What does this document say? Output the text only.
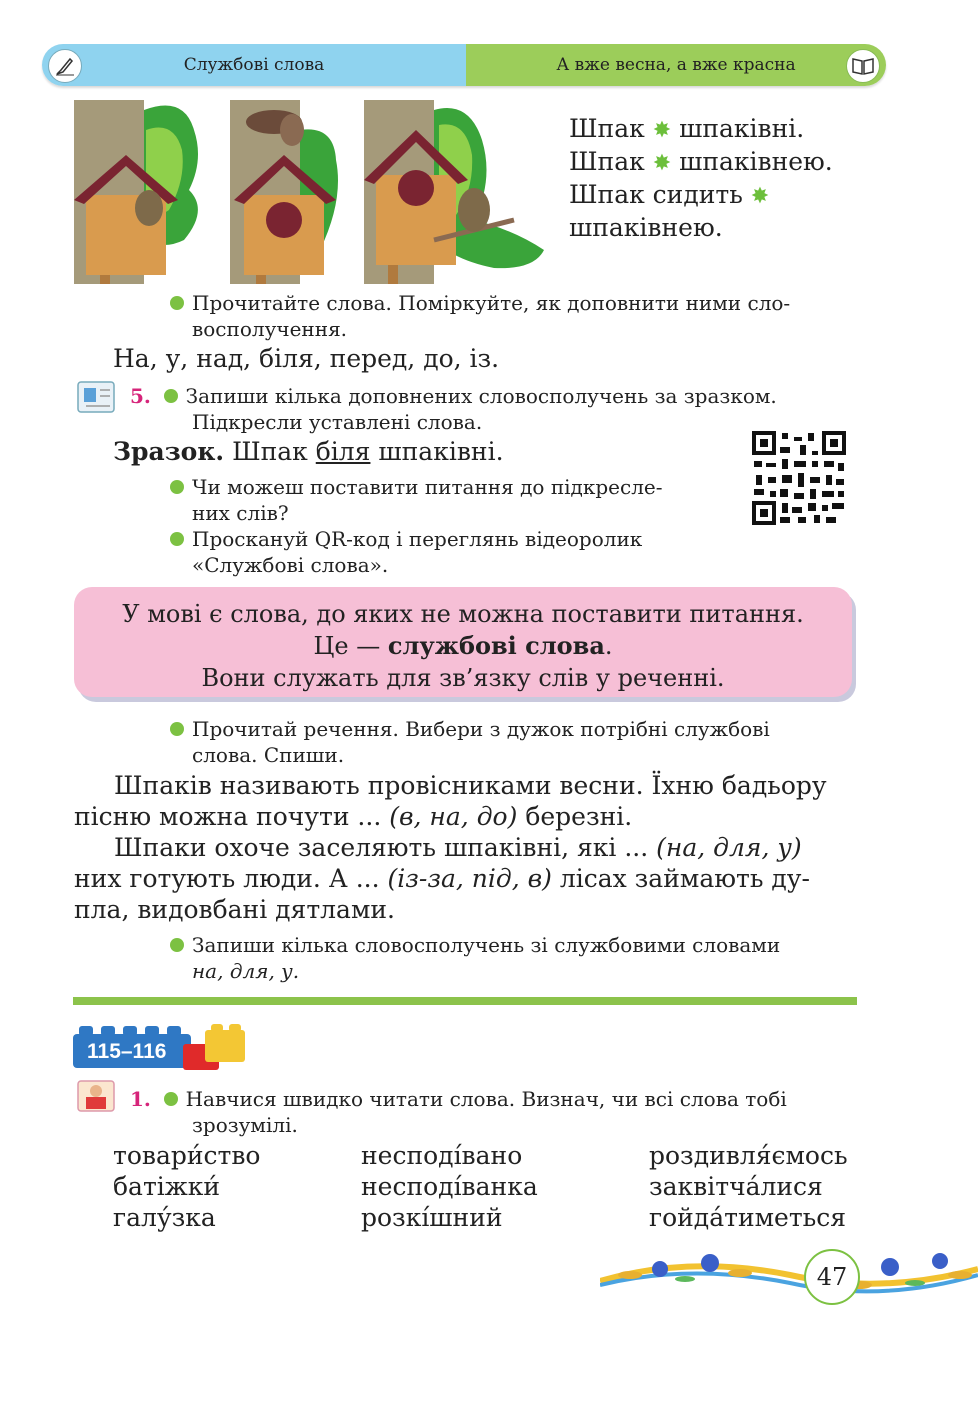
Службові слова	А вже весна, а вже красна
Шпак ✸ шпаківні.
Шпак ✸ шпаківнею.
Шпак сидить ✸
шпаківнею.
Прочитайте слова. Поміркуйте, як доповнити ними сло-
восполучення.
На, у, над, біля, перед, до, із.
5. Запиши кілька доповнених словосполучень за зразком.
Підкресли уставлені слова.
Зразок. Шпак біля шпаківні.
Чи можеш поставити питання до підкресле-
них слів?
Проскануй QR-код і переглянь відеоролик
«Службові слова».
У мові є слова, до яких не можна поставити питання.
Це — службові слова.
Вони служать для зв’язку слів у реченні.
Прочитай речення. Вибери з дужок потрібні службові
слова. Спиши.
Шпаків називають провісниками весни. Їхню бадьору
пісню можна почути ... (в, на, до) березні.
Шпаки охоче заселяють шпаківні, які ... (на, для, у)
них готують люди. А ... (із-за, під, в) лісах займають ду-
пла, видовбані дятлами.
Запиши кілька словосполучень зі службовими словами
на, для, у.
115–116
1. Навчися швидко читати слова. Визнач, чи всі слова тобі
зрозумілі.
товари́ство
батіжки́
галу́зка
несподі́вано
несподі́ванка
розкі́шний
роздивля́ємось
заквітча́лися
гойда́тиметься
47
